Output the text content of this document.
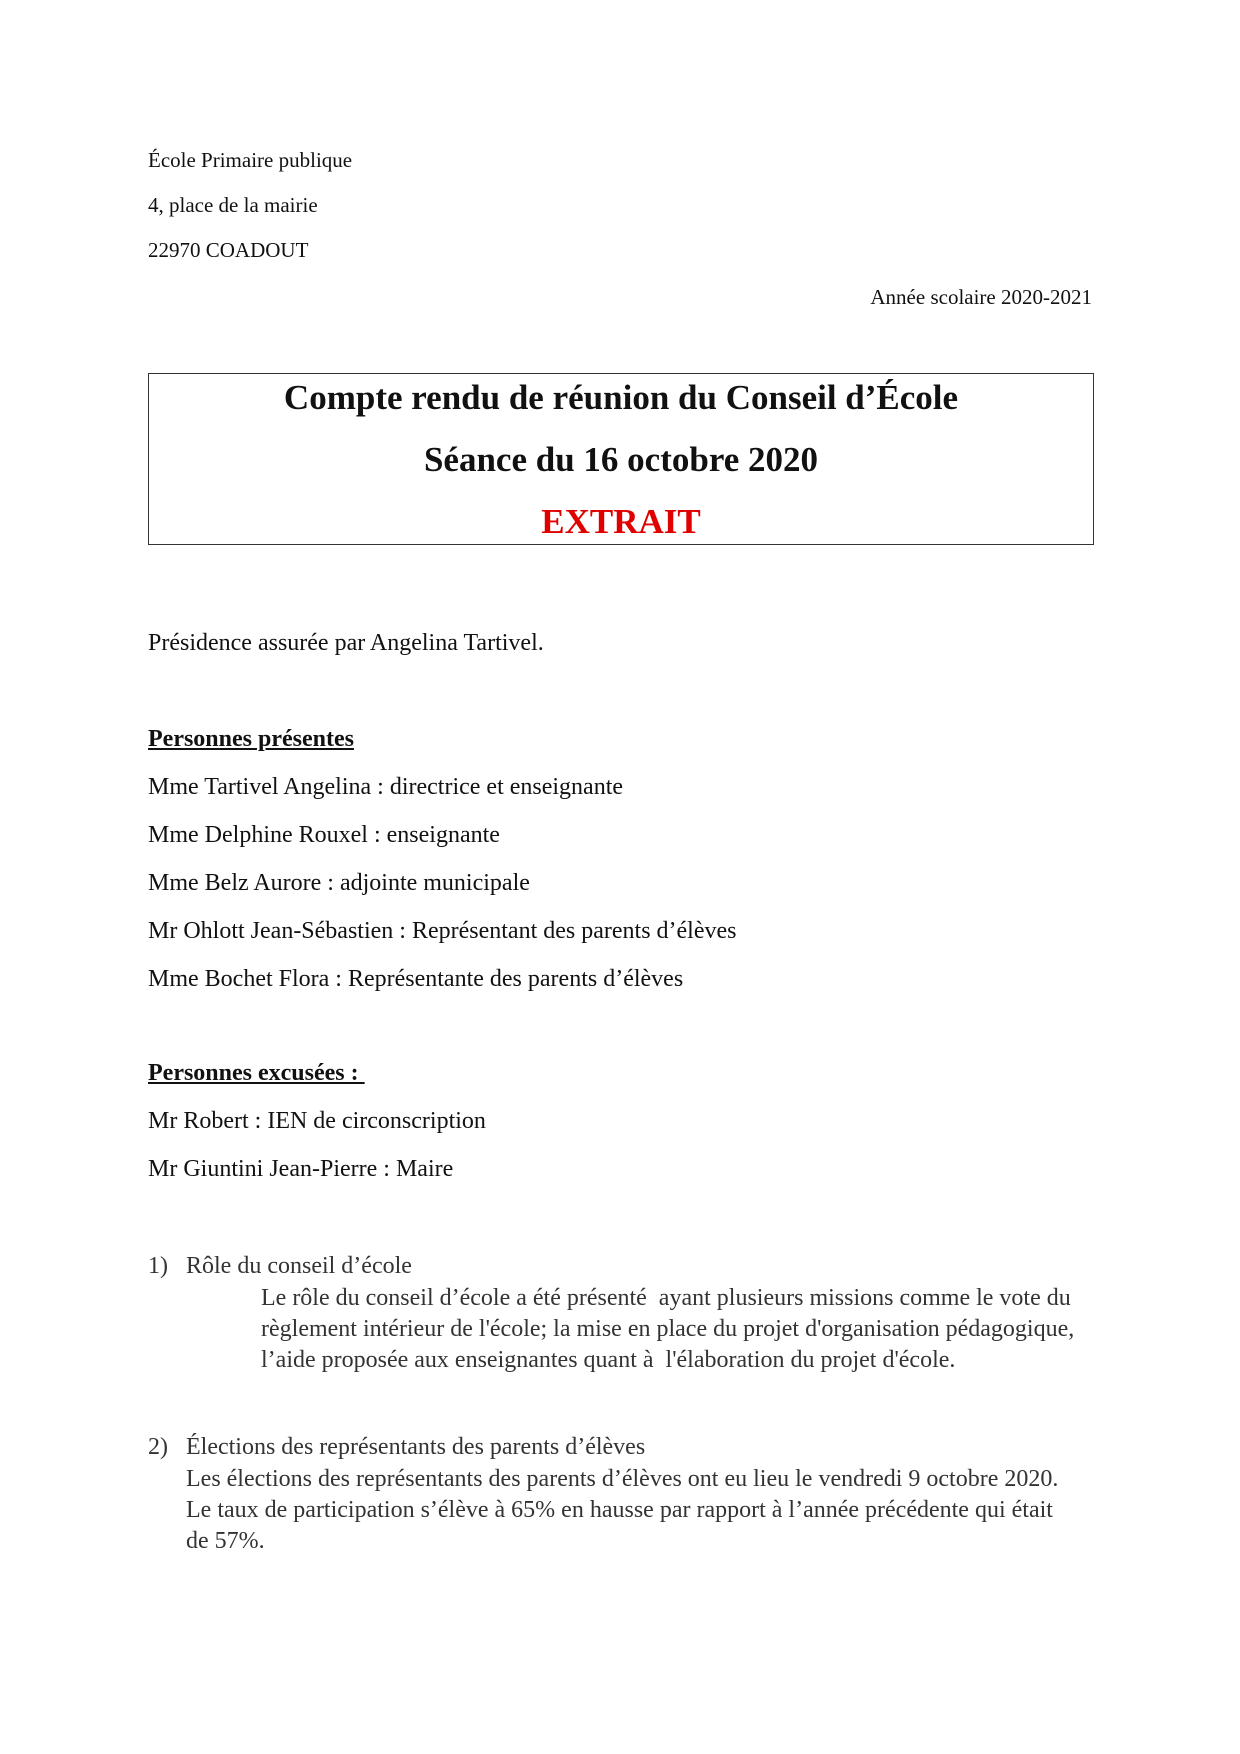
École Primaire publique
4, place de la mairie
22970 COADOUT
Année scolaire 2020-2021
Compte rendu de réunion du Conseil d’École
Séance du 16 octobre 2020
EXTRAIT
Présidence assurée par Angelina Tartivel.
Personnes présentes
Mme Tartivel Angelina : directrice et enseignante
Mme Delphine Rouxel : enseignante
Mme Belz Aurore : adjointe municipale
Mr Ohlott Jean-Sébastien : Représentant des parents d’élèves
Mme Bochet Flora : Représentante des parents d’élèves
Personnes excusées :
Mr Robert : IEN de circonscription
Mr Giuntini Jean-Pierre : Maire
1) Rôle du conseil d’école
Le rôle du conseil d’école a été présenté  ayant plusieurs missions comme le vote du règlement intérieur de l'école; la mise en place du projet d'organisation pédagogique, l’aide proposée aux enseignantes quant à  l'élaboration du projet d'école.
2) Élections des représentants des parents d’élèves
Les élections des représentants des parents d’élèves ont eu lieu le vendredi 9 octobre 2020. Le taux de participation s’élève à 65% en hausse par rapport à l’année précédente qui était de 57%.
